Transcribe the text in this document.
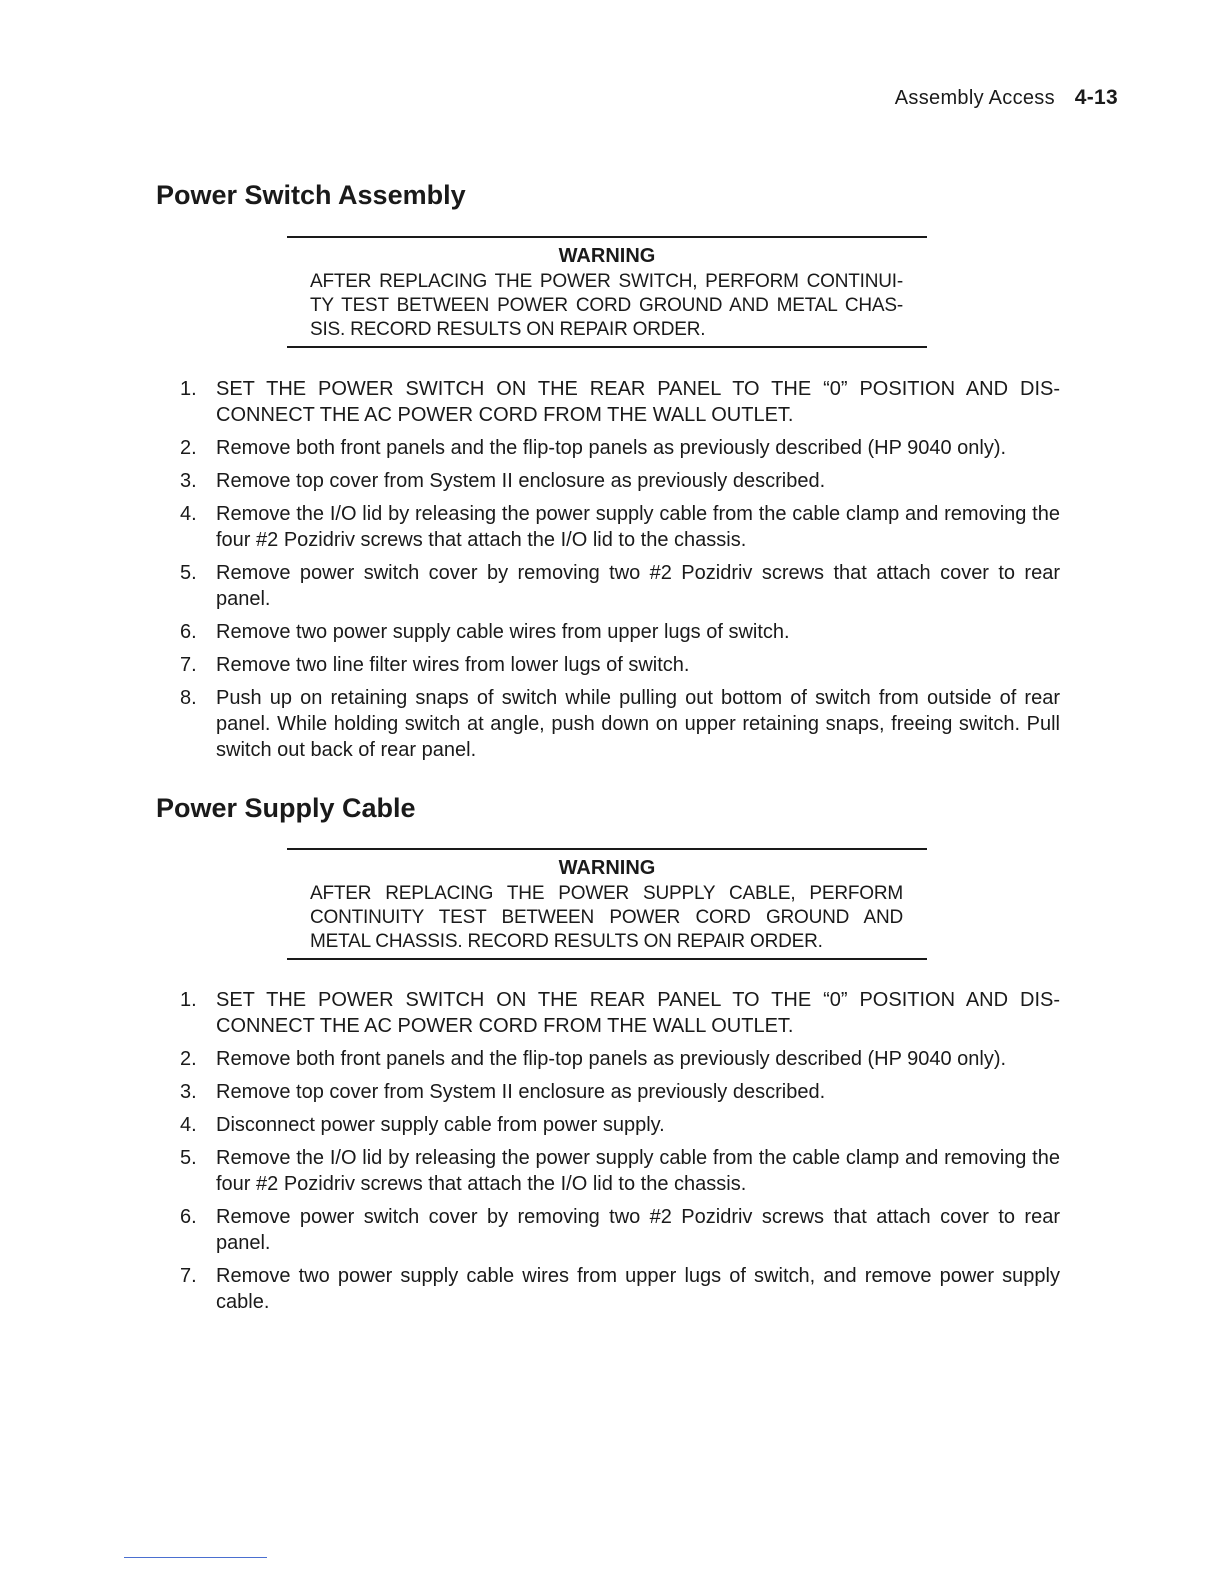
Assembly Access 4-13
Power Switch Assembly
WARNING
AFTER REPLACING THE POWER SWITCH, PERFORM CONTINUI- TY TEST BETWEEN POWER CORD GROUND AND METAL CHAS- SIS. RECORD RESULTS ON REPAIR ORDER.
1. SET THE POWER SWITCH ON THE REAR PANEL TO THE “0” POSITION AND DIS- CONNECT THE AC POWER CORD FROM THE WALL OUTLET.
2. Remove both front panels and the flip-top panels as previously described (HP 9040 only).
3. Remove top cover from System II enclosure as previously described.
4. Remove the I/O lid by releasing the power supply cable from the cable clamp and removing the four #2 Pozidriv screws that attach the I/O lid to the chassis.
5. Remove power switch cover by removing two #2 Pozidriv screws that attach cover to rear panel.
6. Remove two power supply cable wires from upper lugs of switch.
7. Remove two line filter wires from lower lugs of switch.
8. Push up on retaining snaps of switch while pulling out bottom of switch from outside of rear panel. While holding switch at angle, push down on upper retaining snaps, freeing switch. Pull switch out back of rear panel.
Power Supply Cable
WARNING
AFTER REPLACING THE POWER SUPPLY CABLE, PERFORM CONTINUITY TEST BETWEEN POWER CORD GROUND AND METAL CHASSIS. RECORD RESULTS ON REPAIR ORDER.
1. SET THE POWER SWITCH ON THE REAR PANEL TO THE “0” POSITION AND DIS- CONNECT THE AC POWER CORD FROM THE WALL OUTLET.
2. Remove both front panels and the flip-top panels as previously described (HP 9040 only).
3. Remove top cover from System II enclosure as previously described.
4. Disconnect power supply cable from power supply.
5. Remove the I/O lid by releasing the power supply cable from the cable clamp and removing the four #2 Pozidriv screws that attach the I/O lid to the chassis.
6. Remove power switch cover by removing two #2 Pozidriv screws that attach cover to rear panel.
7. Remove two power supply cable wires from upper lugs of switch, and remove power supply cable.
